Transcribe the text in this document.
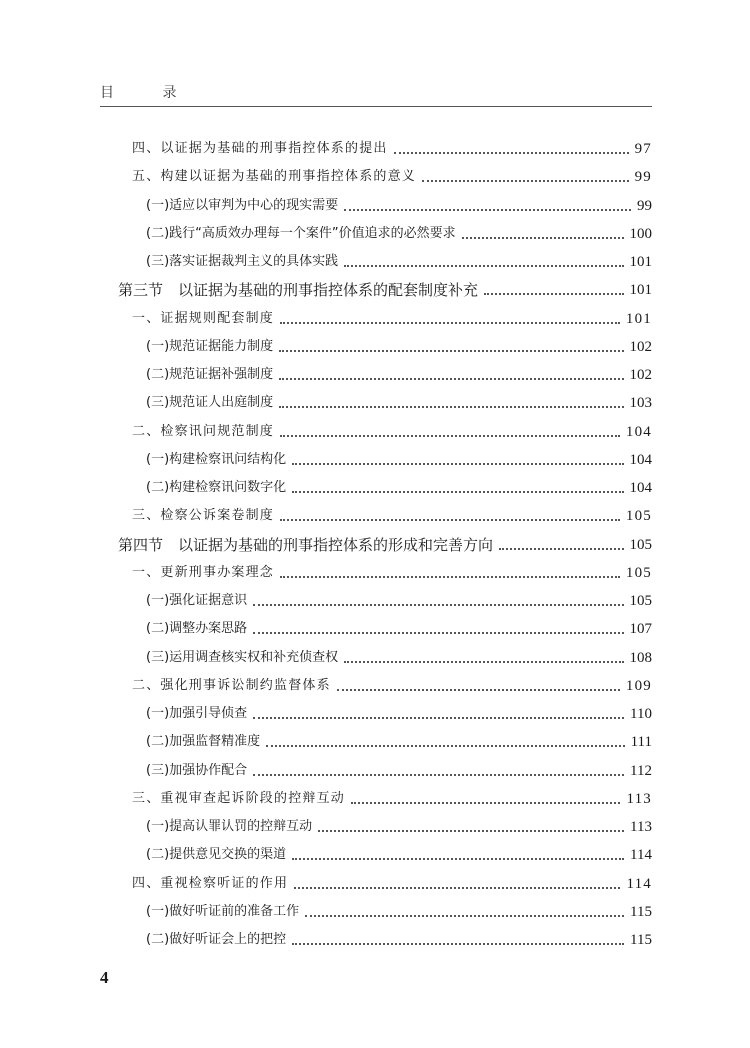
目 录
四、以证据为基础的刑事指控体系的提出	97
五、构建以证据为基础的刑事指控体系的意义	99
(一)适应以审判为中心的现实需要	99
(二)践行“高质效办理每一个案件”价值追求的必然要求	100
(三)落实证据裁判主义的具体实践	101
第三节　以证据为基础的刑事指控体系的配套制度补充	101
一、证据规则配套制度	101
(一)规范证据能力制度	102
(二)规范证据补强制度	102
(三)规范证人出庭制度	103
二、检察讯问规范制度	104
(一)构建检察讯问结构化	104
(二)构建检察讯问数字化	104
三、检察公诉案卷制度	105
第四节　以证据为基础的刑事指控体系的形成和完善方向	105
一、更新刑事办案理念	105
(一)强化证据意识	105
(二)调整办案思路	107
(三)运用调查核实权和补充侦查权	108
二、强化刑事诉讼制约监督体系	109
(一)加强引导侦查	110
(二)加强监督精准度	111
(三)加强协作配合	112
三、重视审查起诉阶段的控辩互动	113
(一)提高认罪认罚的控辩互动	113
(二)提供意见交换的渠道	114
四、重视检察听证的作用	114
(一)做好听证前的准备工作	115
(二)做好听证会上的把控	115
4
